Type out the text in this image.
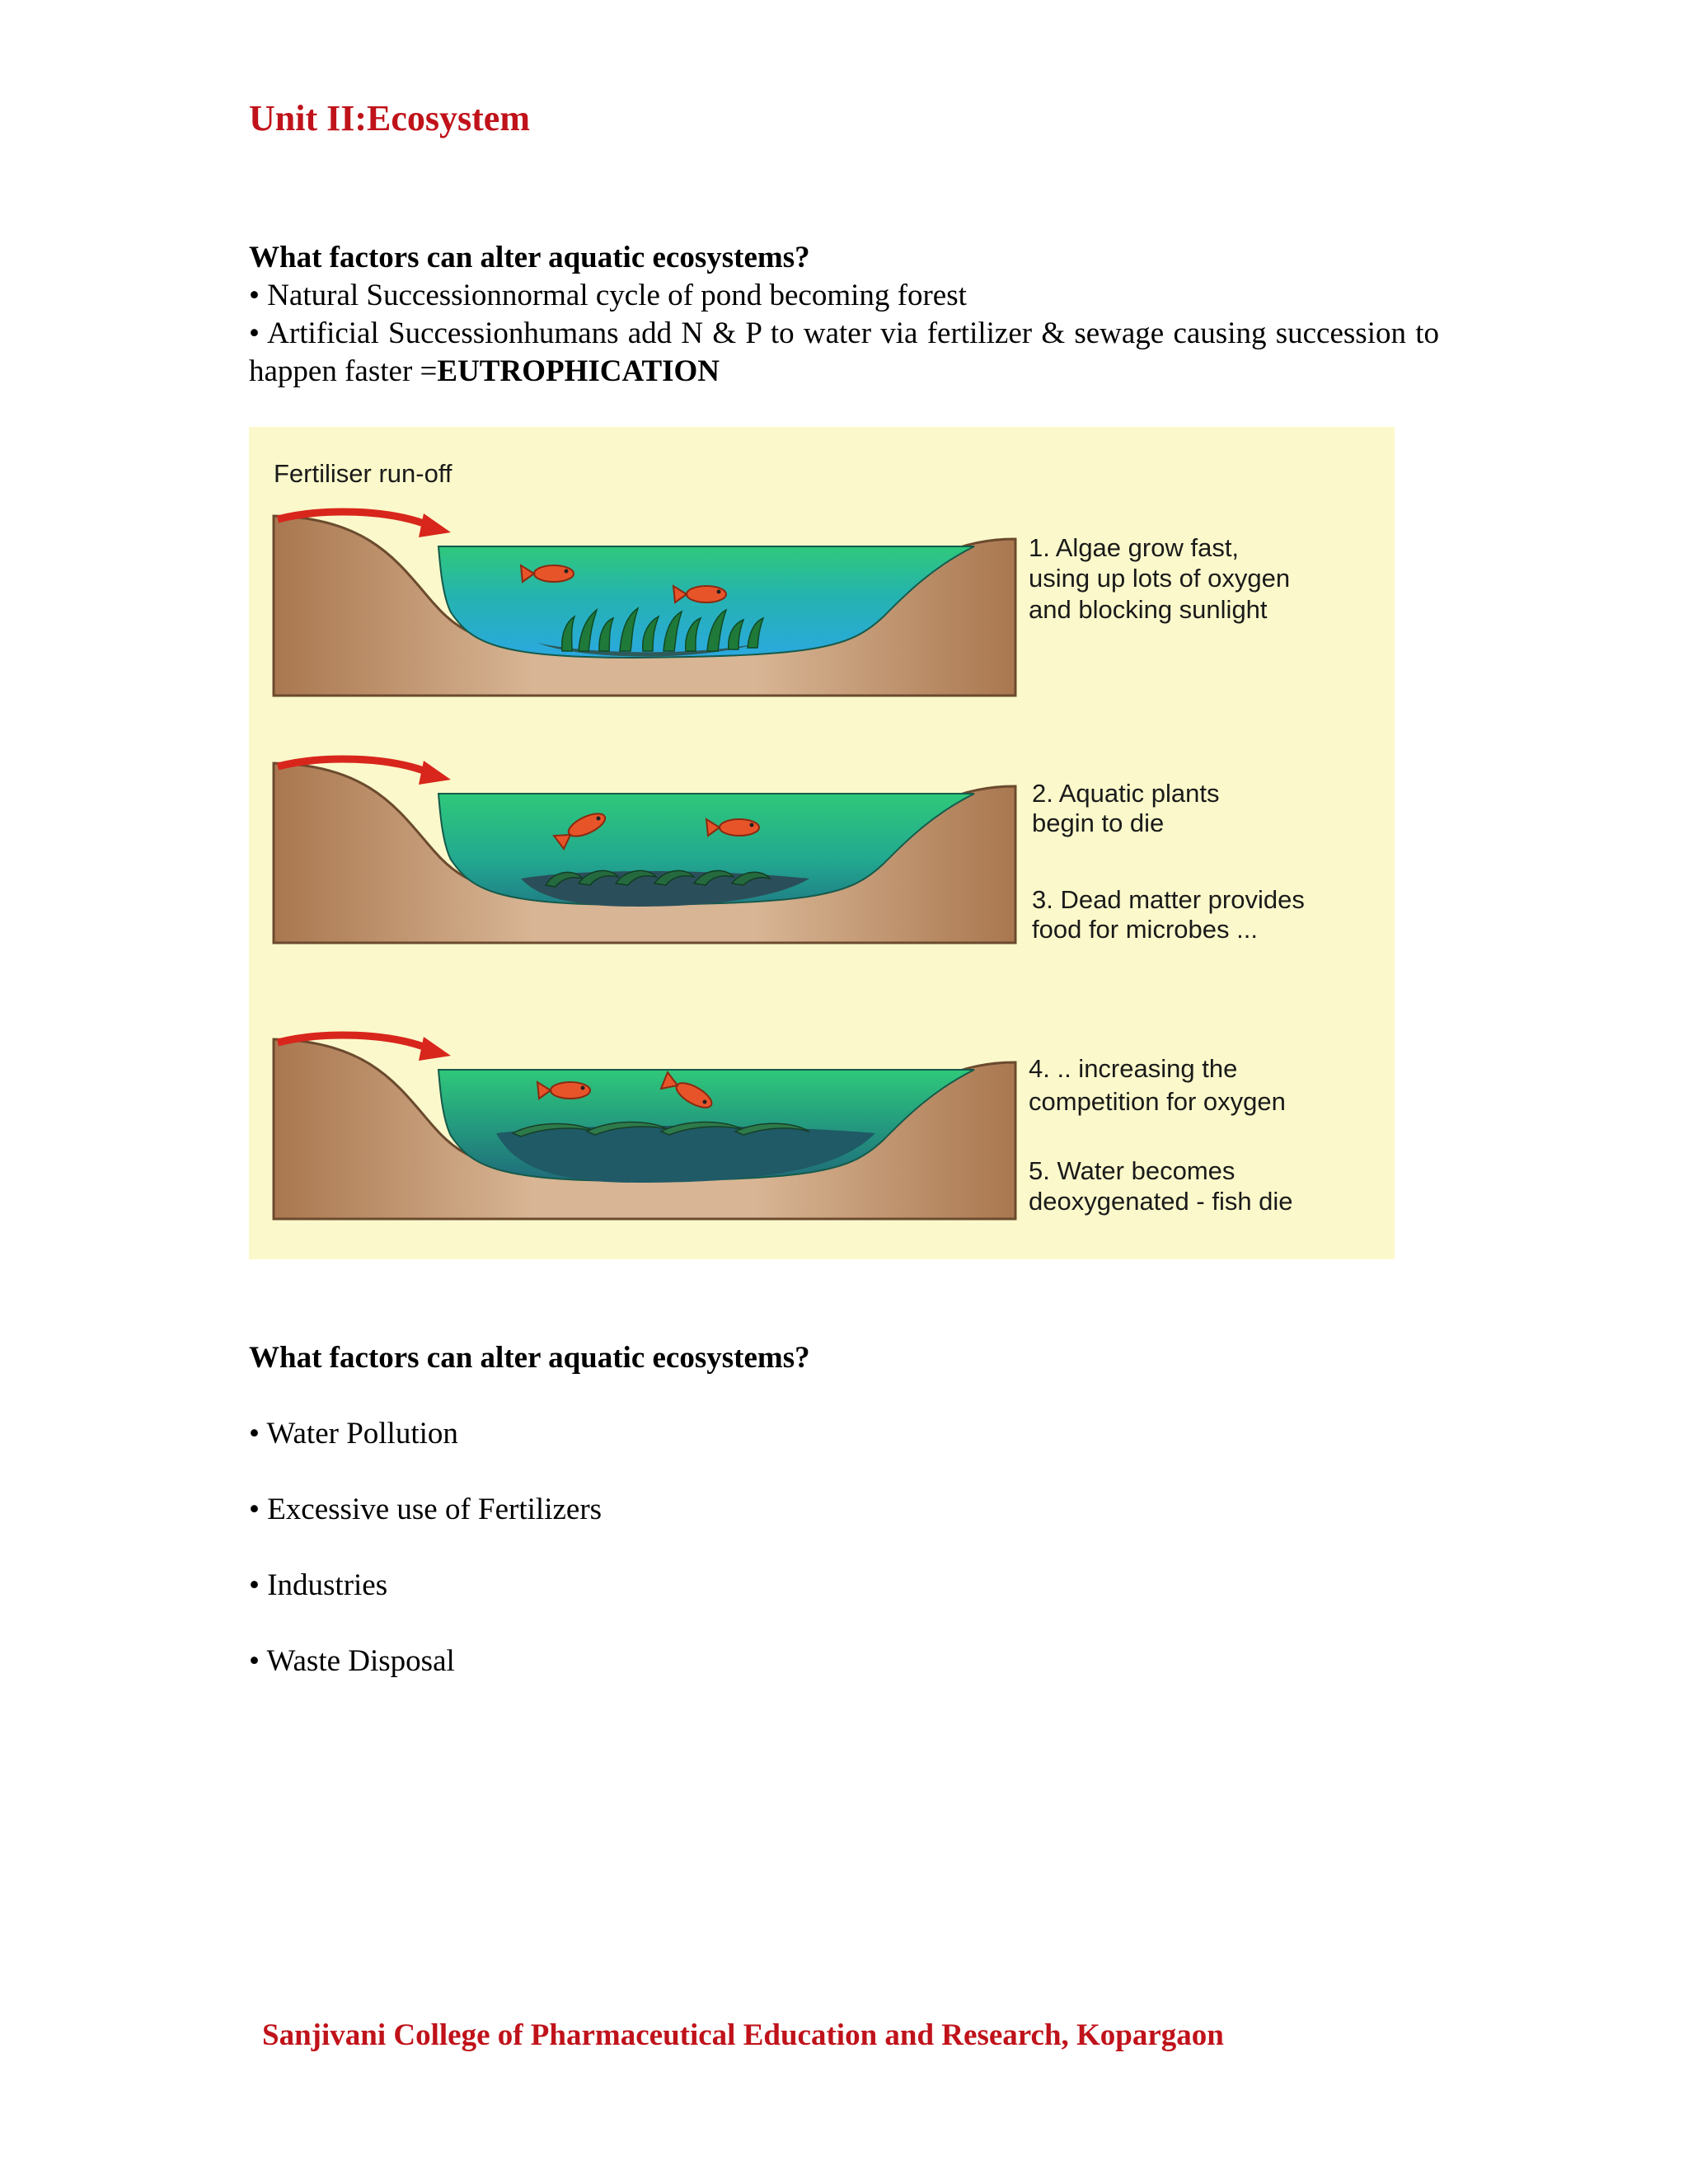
Unit II:Ecosystem

What factors can alter aquatic ecosystems?

• Natural Successionnormal cycle of pond becoming forest

• Artificial Successionhumans add N & P to water via fertilizer & sewage causing succession to happen faster =EUTROPHICATION

Fertiliser run-off
1. Algae grow fast,
using up lots of oxygen
and blocking sunlight
2. Aquatic plants
begin to die
3. Dead matter provides
food for microbes ...
4. .. increasing the
competition for oxygen
5. Water becomes
deoxygenated - fish die

What factors can alter aquatic ecosystems?

• Water Pollution
• Excessive use of Fertilizers
• Industries
• Waste Disposal
Sanjivani College of Pharmaceutical Education and Research, Kopargaon
